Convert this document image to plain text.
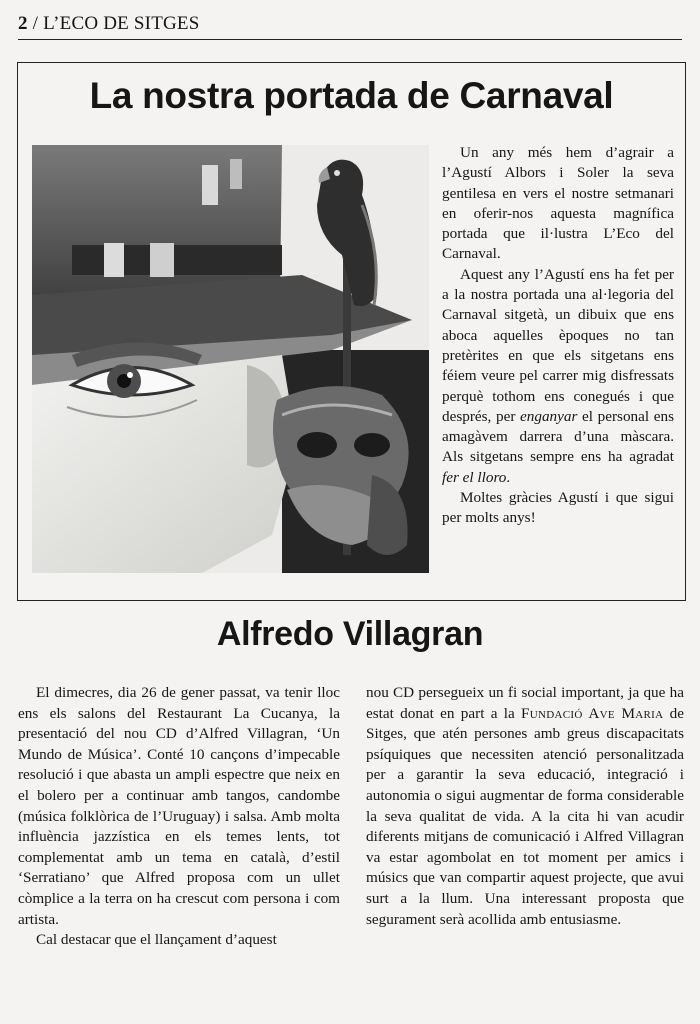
2 / L’ECO DE SITGES
La nostra portada de Carnaval

Un any més hem d’agrair a l’Agustí Albors i Soler la seva gentilesa en vers el nostre setmanari en oferir-nos aquesta magnífica portada que il·lustra L’Eco del Carnaval.

Aquest any l’Agustí ens ha fet per a la nostra portada una al·legoria del Carnaval sitgetà, un dibuix que ens aboca aquelles èpoques no tan pretèrites en que els sitgetans ens féiem veure pel carrer mig disfressats perquè tothom ens conegués i que després, per enganyar el personal ens amagàvem darrera d’una màscara. Als sitgetans sempre ens ha agradat fer el lloro.

Moltes gràcies Agustí i que sigui per molts anys!

Alfredo Villagran

El dimecres, dia 26 de gener passat, va tenir lloc ens els salons del Restaurant La Cucanya, la presentació del nou CD d’Alfred Villagran, ‘Un Mundo de Música’. Conté 10 cançons d’impecable resolució i que abasta un ampli espectre que neix en el bolero per a continuar amb tangos, candombe (música folklòrica de l’Uruguay) i salsa. Amb molta influència jazzística en els temes lents, tot complementat amb un tema en català, d’estil ‘Serratiano’ que Alfred proposa com un ullet còmplice a la terra on ha crescut com persona i com artista.

Cal destacar que el llançament d’aquest

nou CD persegueix un fi social important, ja que ha estat donat en part a la Fundació Ave Maria de Sitges, que atén persones amb greus discapacitats psíquiques que necessiten atenció personalitzada per a garantir la seva educació, integració i autonomia o sigui augmentar de forma considerable la seva qualitat de vida. A la cita hi van acudir diferents mitjans de comunicació i Alfred Villagran va estar agombolat en tot moment per amics i músics que van compartir aquest projecte, que avui surt a la llum. Una interessant proposta que segurament serà acollida amb entusiasme.
